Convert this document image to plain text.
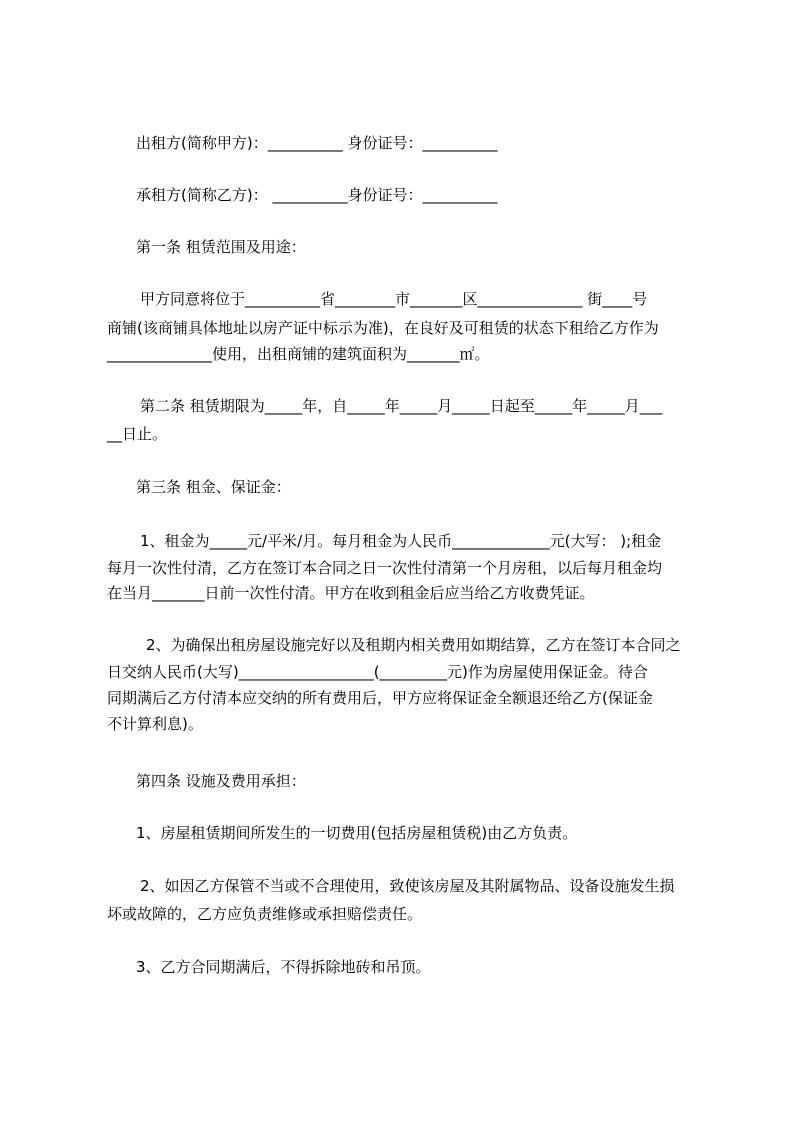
出租方(简称甲方)：__________ 身份证号：__________

承租方(简称乙方)： __________身份证号：__________

第一条 租赁范围及用途：

甲方同意将位于__________省________市_______区______________ 街____号

商铺(该商铺具体地址以房产证中标示为准)，在良好及可租赁的状态下租给乙方作为

______________使用，出租商铺的建筑面积为_______㎡。

第二条 租赁期限为_____年，自_____年_____月_____日起至_____年_____月___

__日止。

第三条 租金、保证金：

1、租金为_____元/平米/月。每月租金为人民币_____________元(大写： );租金

每月一次性付清，乙方在签订本合同之日一次性付清第一个月房租，以后每月租金均

在当月_______日前一次性付清。甲方在收到租金后应当给乙方收费凭证。

2、为确保出租房屋设施完好以及租期内相关费用如期结算，乙方在签订本合同之

日交纳人民币(大写)__________________(_________元)作为房屋使用保证金。待合

同期满后乙方付清本应交纳的所有费用后，甲方应将保证金全额退还给乙方(保证金

不计算利息)。

第四条 设施及费用承担：

1、房屋租赁期间所发生的一切费用(包括房屋租赁税)由乙方负责。

2、如因乙方保管不当或不合理使用，致使该房屋及其附属物品、设备设施发生损

坏或故障的，乙方应负责维修或承担赔偿责任。

3、乙方合同期满后，不得拆除地砖和吊顶。
